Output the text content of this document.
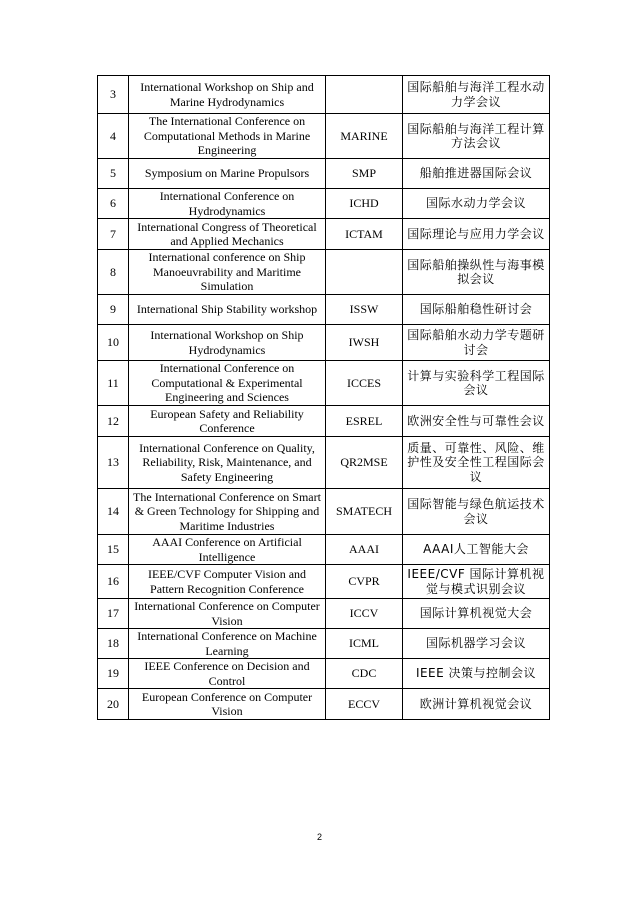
3	International Workshop on Ship and Marine Hydrodynamics		国际船舶与海洋工程水动力学会议
4	The International Conference on Computational Methods in Marine Engineering	MARINE	国际船舶与海洋工程计算方法会议
5	Symposium on Marine Propulsors	SMP	船舶推进器国际会议
6	International Conference on Hydrodynamics	ICHD	国际水动力学会议
7	International Congress of Theoretical and Applied Mechanics	ICTAM	国际理论与应用力学会议
8	International conference on Ship Manoeuvrability and Maritime Simulation		国际船舶操纵性与海事模拟会议
9	International Ship Stability workshop	ISSW	国际船舶稳性研讨会
10	International Workshop on Ship Hydrodynamics	IWSH	国际船舶水动力学专题研讨会
11	International Conference on Computational & Experimental Engineering and Sciences	ICCES	计算与实验科学工程国际会议
12	European Safety and Reliability Conference	ESREL	欧洲安全性与可靠性会议
13	International Conference on Quality, Reliability, Risk, Maintenance, and Safety Engineering	QR2MSE	质量、可靠性、风险、维护性及安全性工程国际会议
14	The International Conference on Smart & Green Technology for Shipping and Maritime Industries	SMATECH	国际智能与绿色航运技术会议
15	AAAI Conference on Artificial Intelligence	AAAI	AAAI人工智能大会
16	IEEE/CVF Computer Vision and Pattern Recognition Conference	CVPR	IEEE/CVF 国际计算机视觉与模式识别会议
17	International Conference on Computer Vision	ICCV	国际计算机视觉大会
18	International Conference on Machine Learning	ICML	国际机器学习会议
19	IEEE Conference on Decision and Control	CDC	IEEE 决策与控制会议
20	European Conference on Computer Vision	ECCV	欧洲计算机视觉会议
2
